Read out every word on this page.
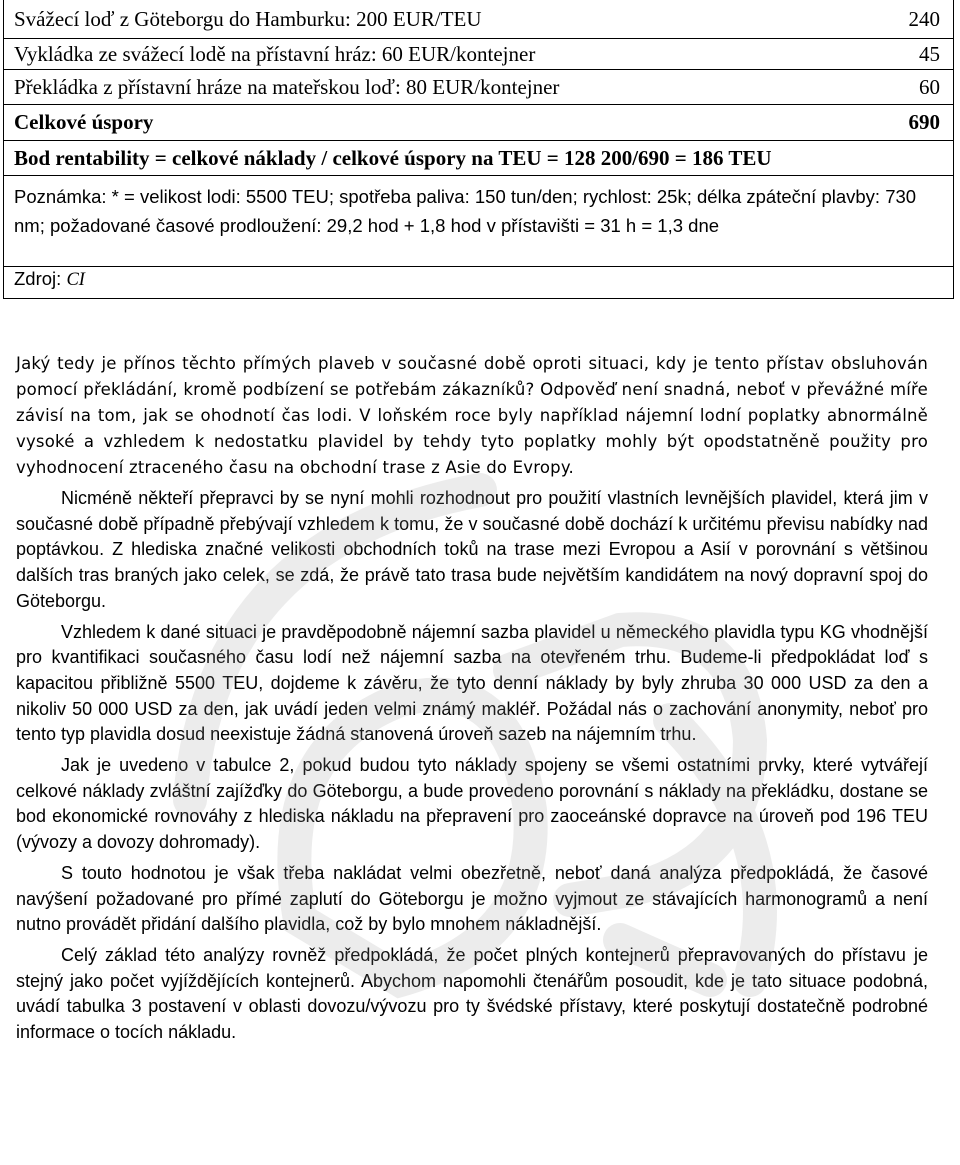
Svážecí loď z Göteborgu do Hamburku: 200 EUR/TEU	240
Vykládka ze svážecí lodě na přístavní hráz: 60 EUR/kontejner	45
Překládka z přístavní hráze na mateřskou loď: 80 EUR/kontejner	60
Celkové úspory	690
Bod rentability = celkové náklady / celkové úspory na TEU = 128 200/690 = 186 TEU
Poznámka: * = velikost lodi: 5500 TEU; spotřeba paliva: 150 tun/den; rychlost: 25k; délka zpáteční plavby: 730 nm; požadované časové prodloužení: 29,2 hod + 1,8 hod v přístavišti = 31 h = 1,3 dne
Zdroj: CI

Jaký tedy je přínos těchto přímých plaveb v současné době oproti situaci, kdy je tento přístav obsluhován pomocí překládání, kromě podbízení se potřebám zákazníků? Odpověď není snadná, neboť v převážné míře závisí na tom, jak se ohodnotí čas lodi. V loňském roce byly například nájemní lodní poplatky abnormálně vysoké a vzhledem k nedostatku plavidel by tehdy tyto poplatky mohly být opodstatněně použity pro vyhodnocení ztraceného času na obchodní trase z Asie do Evropy.

Nicméně někteří přepravci by se nyní mohli rozhodnout pro použití vlastních levnějších plavidel, která jim v současné době případně přebývají vzhledem k tomu, že v současné době dochází k určitému převisu nabídky nad poptávkou. Z hlediska značné velikosti obchodních toků na trase mezi Evropou a Asií v porovnání s většinou dalších tras braných jako celek, se zdá, že právě tato trasa bude největším kandidátem na nový dopravní spoj do Göteborgu.

Vzhledem k dané situaci je pravděpodobně nájemní sazba plavidel u německého plavidla typu KG vhodnější pro kvantifikaci současného času lodí než nájemní sazba na otevřeném trhu. Budeme-li předpokládat loď s kapacitou přibližně 5500 TEU, dojdeme k závěru, že tyto denní náklady by byly zhruba 30 000 USD za den a nikoliv 50 000 USD za den, jak uvádí jeden velmi známý makléř. Požádal nás o zachování anonymity, neboť pro tento typ plavidla dosud neexistuje žádná stanovená úroveň sazeb na nájemním trhu.

Jak je uvedeno v tabulce 2, pokud budou tyto náklady spojeny se všemi ostatními prvky, které vytvářejí celkové náklady zvláštní zajížďky do Göteborgu, a bude provedeno porovnání s náklady na překládku, dostane se bod ekonomické rovnováhy z hlediska nákladu na přepravení pro zaoceánské dopravce na úroveň pod 196 TEU (vývozy a dovozy dohromady).

S touto hodnotou je však třeba nakládat velmi obezřetně, neboť daná analýza předpokládá, že časové navýšení požadované pro přímé zaplutí do Göteborgu je možno vyjmout ze stávajících harmonogramů a není nutno provádět přidání dalšího plavidla, což by bylo mnohem nákladnější.

Celý základ této analýzy rovněž předpokládá, že počet plných kontejnerů přepravovaných do přístavu je stejný jako počet vyjíždějících kontejnerů. Abychom napomohli čtenářům posoudit, kde je tato situace podobná, uvádí tabulka 3 postavení v oblasti dovozu/vývozu pro ty švédské přístavy, které poskytují dostatečně podrobné informace o tocích nákladu.
